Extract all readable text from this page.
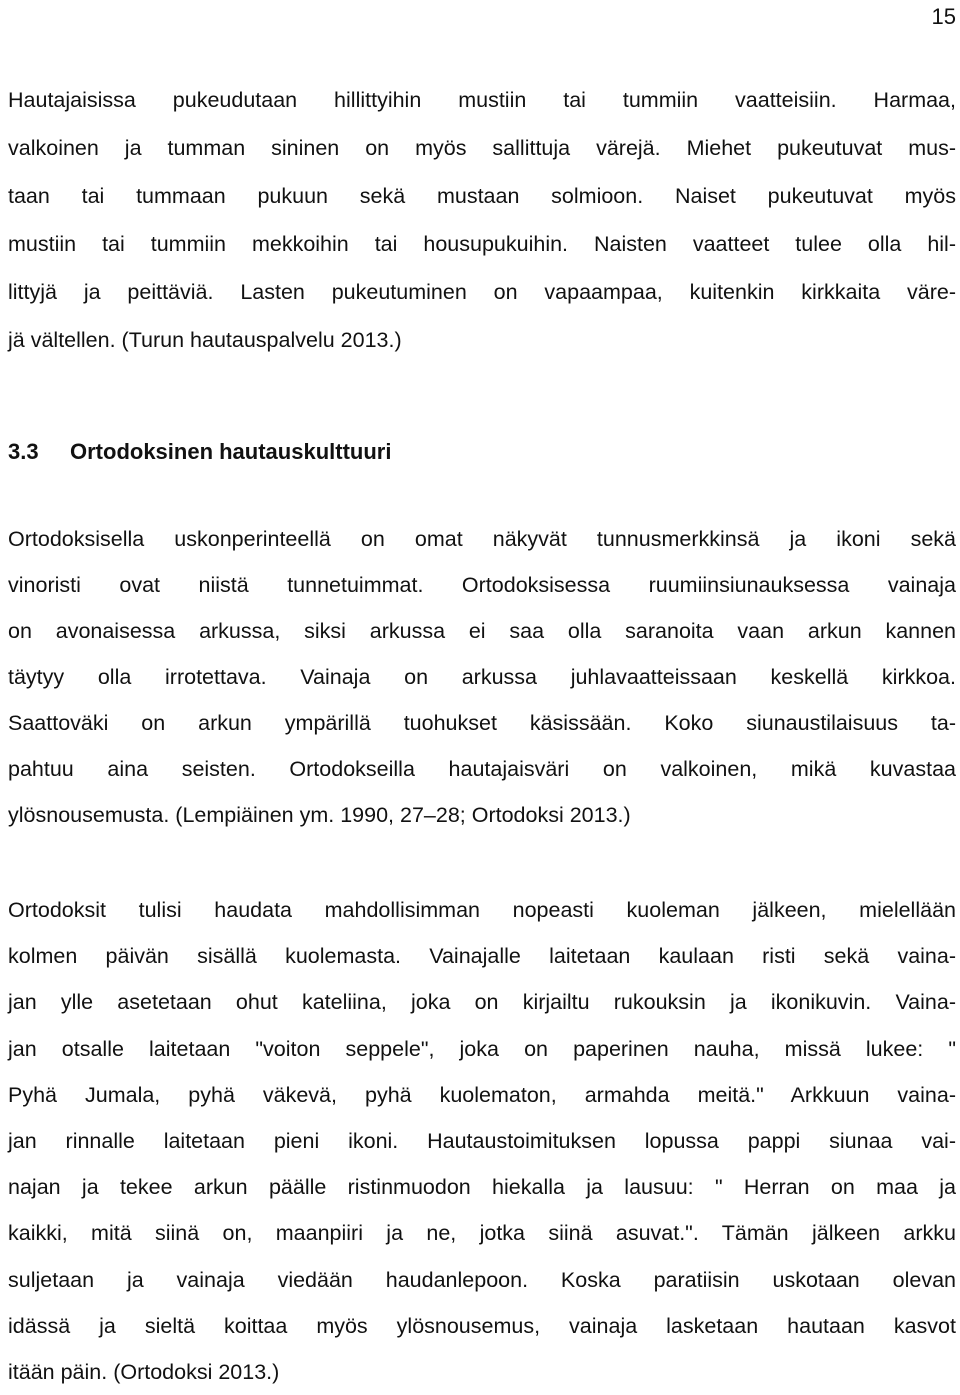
15
Hautajaisissa pukeudutaan hillittyihin mustiin tai tummiin vaatteisiin. Harmaa,
valkoinen ja tumman sininen on myös sallittuja värejä. Miehet pukeutuvat mus-
taan tai tummaan pukuun sekä mustaan solmioon. Naiset pukeutuvat myös
mustiin tai tummiin mekkoihin tai housupukuihin. Naisten vaatteet tulee olla hil-
littyjä ja peittäviä. Lasten pukeutuminen on vapaampaa, kuitenkin kirkkaita väre-
jä vältellen. (Turun hautauspalvelu 2013.)
3.3 Ortodoksinen hautauskulttuuri
Ortodoksisella uskonperinteellä on omat näkyvät tunnusmerkkinsä ja ikoni sekä
vinoristi ovat niistä tunnetuimmat. Ortodoksisessa ruumiinsiunauksessa vainaja
on avonaisessa arkussa, siksi arkussa ei saa olla saranoita vaan arkun kannen
täytyy olla irrotettava. Vainaja on arkussa juhlavaatteissaan keskellä kirkkoa.
Saattoväki on arkun ympärillä tuohukset käsissään. Koko siunaustilaisuus ta-
pahtuu aina seisten. Ortodokseilla hautajaisväri on valkoinen, mikä kuvastaa
ylösnousemusta. (Lempiäinen ym. 1990, 27–28; Ortodoksi 2013.)
Ortodoksit tulisi haudata mahdollisimman nopeasti kuoleman jälkeen, mielellään
kolmen päivän sisällä kuolemasta. Vainajalle laitetaan kaulaan risti sekä vaina-
jan ylle asetetaan ohut kateliina, joka on kirjailtu rukouksin ja ikonikuvin. Vaina-
jan otsalle laitetaan "voiton seppele", joka on paperinen nauha, missä lukee: "
Pyhä Jumala, pyhä väkevä, pyhä kuolematon, armahda meitä." Arkkuun vaina-
jan rinnalle laitetaan pieni ikoni. Hautaustoimituksen lopussa pappi siunaa vai-
najan ja tekee arkun päälle ristinmuodon hiekalla ja lausuu: " Herran on maa ja
kaikki, mitä siinä on, maanpiiri ja ne, jotka siinä asuvat.". Tämän jälkeen arkku
suljetaan ja vainaja viedään haudanlepoon. Koska paratiisin uskotaan olevan
idässä ja sieltä koittaa myös ylösnousemus, vainaja lasketaan hautaan kasvot
itään päin. (Ortodoksi 2013.)
